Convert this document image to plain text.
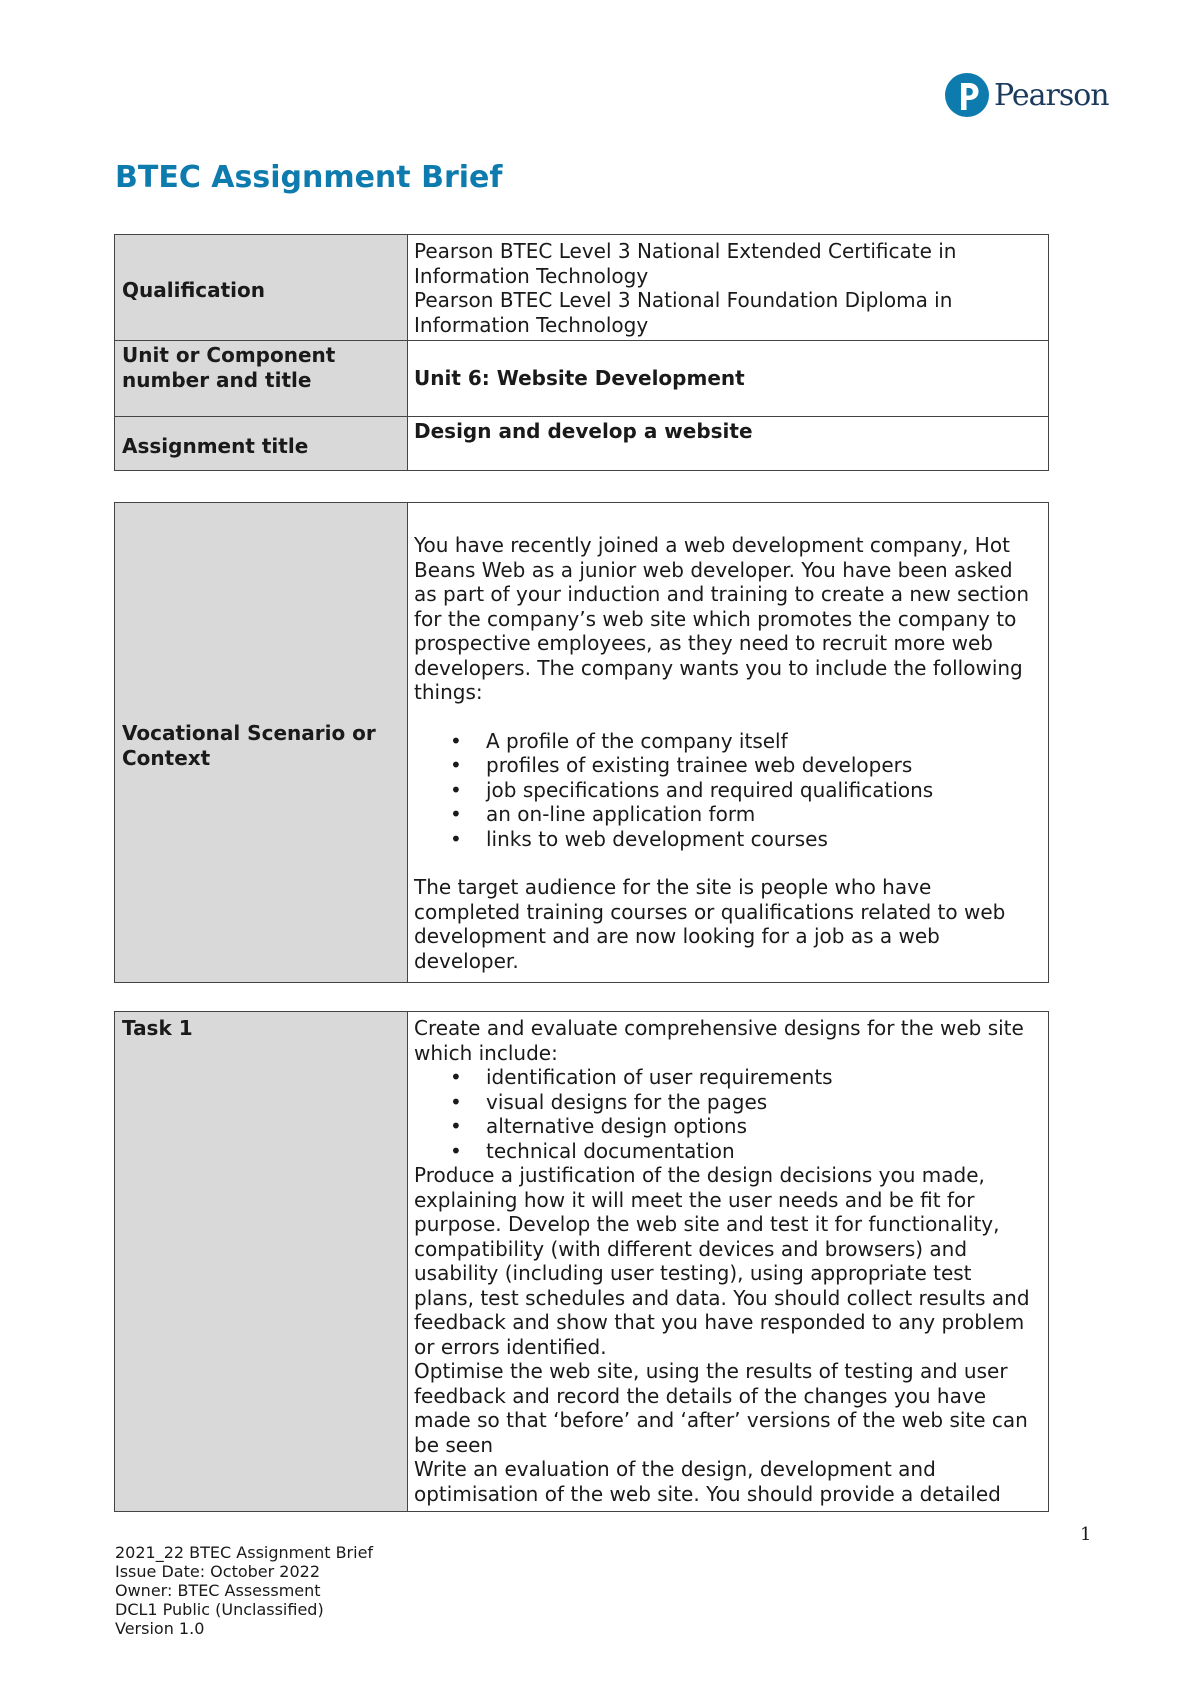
Pearson
BTEC Assignment Brief
Qualification	Pearson BTEC Level 3 National Extended Certificate in
Information Technology
Pearson BTEC Level 3 National Foundation Diploma in
Information Technology

Unit or Component
number and title	Unit 6: Website Development
Assignment title	Design and develop a website
Vocational Scenario or
Context

You have recently joined a web development company, Hot
Beans Web as a junior web developer. You have been asked
as part of your induction and training to create a new section
for the company’s web site which promotes the company to
prospective employees, as they need to recruit more web
developers. The company wants you to include the following
things:
• A profile of the company itself
• profiles of existing trainee web developers
• job specifications and required qualifications
• an on-line application form
• links to web development courses
The target audience for the site is people who have
completed training courses or qualifications related to web
development and are now looking for a job as a web
developer.
Task 1	Create and evaluate comprehensive designs for the web site
which include:
• identification of user requirements
• visual designs for the pages
• alternative design options
• technical documentation
Produce a justification of the design decisions you made,
explaining how it will meet the user needs and be fit for
purpose. Develop the web site and test it for functionality,
compatibility (with different devices and browsers) and
usability (including user testing), using appropriate test
plans, test schedules and data. You should collect results and
feedback and show that you have responded to any problem
or errors identified.
Optimise the web site, using the results of testing and user
feedback and record the details of the changes you have
made so that ‘before’ and ‘after’ versions of the web site can
be seen
Write an evaluation of the design, development and
optimisation of the web site. You should provide a detailed
1
2021_22 BTEC Assignment Brief
Issue Date: October 2022
Owner: BTEC Assessment
DCL1 Public (Unclassified)
Version 1.0
